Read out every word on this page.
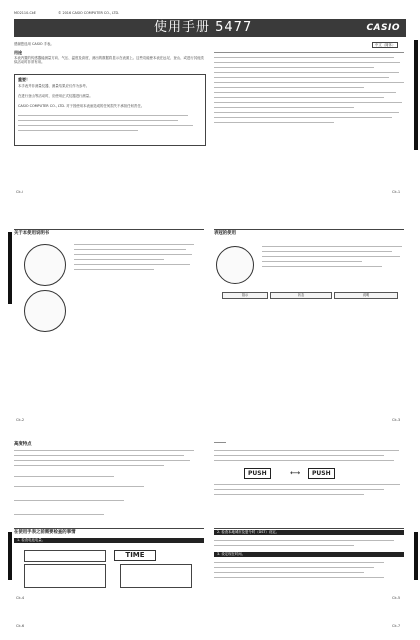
MO2110-CkE	© 2016 CASIO COMPUTER CO., LTD.
使用手册 5477	CASIO
感谢您选用 CASIO 手表。
用途
本表内置的传感器能测量方向、气压、温度及高度，测出的数据将显示在表面上。这些功能使本表在远足、登山、或进行其他类似活动时非常有用。
重要！
本手表并非测量仪器，测量结果应仅作为参考。
在进行登山等活动时，应使用正式仪器进行测量。
CASIO COMPUTER CO., LTD. 对于因使用本表而造成的任何损失不承担任何责任。
中文（简体）
Ck-i	Ck-1
关于本使用说明书	表冠的使用
指示	状态	说明
Ck-2	Ck-3
高度特点
PUSH	⟷	PUSH
Ck-4	Ck-5
在使用手表之前需要检查的事情
1. 检查电池电量。
TIME
2. 检查本地城市及夏令时（DST）设定。
3. 设定现在时间。
Ck-6	Ck-7
